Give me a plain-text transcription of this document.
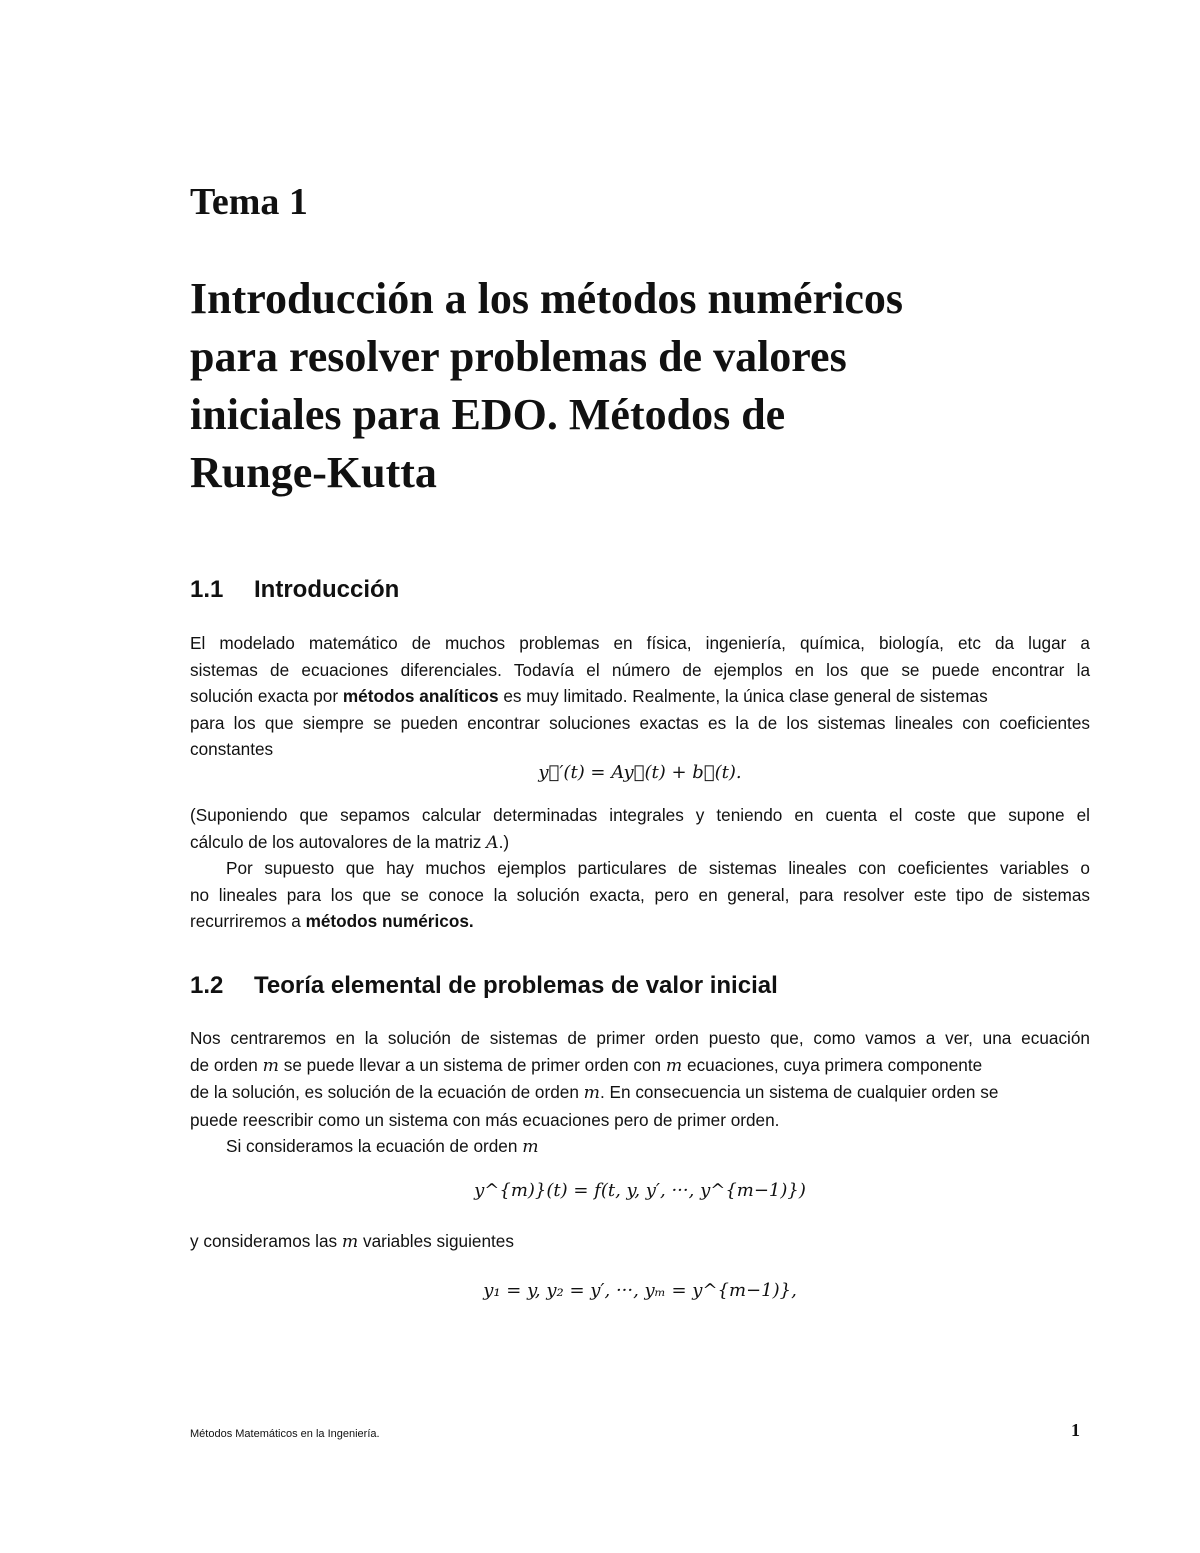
Tema 1
Introducción a los métodos numéricos
para resolver problemas de valores
iniciales para EDO. Métodos de
Runge-Kutta
1.1 Introducción
El modelado matemático de muchos problemas en física, ingeniería, química, biología, etc da lugar a
sistemas de ecuaciones diferenciales. Todavía el número de ejemplos en los que se puede encontrar la
solución exacta por métodos analíticos es muy limitado. Realmente, la única clase general de sistemas
para los que siempre se pueden encontrar soluciones exactas es la de los sistemas lineales con coeficientes
constantes
y⃗′(t) = Ay⃗(t) + b⃗(t).
(Suponiendo que sepamos calcular determinadas integrales y teniendo en cuenta el coste que supone el
cálculo de los autovalores de la matriz A.)
Por supuesto que hay muchos ejemplos particulares de sistemas lineales con coeficientes variables o
no lineales para los que se conoce la solución exacta, pero en general, para resolver este tipo de sistemas
recurriremos a métodos numéricos.
1.2 Teoría elemental de problemas de valor inicial
Nos centraremos en la solución de sistemas de primer orden puesto que, como vamos a ver, una ecuación
de orden m se puede llevar a un sistema de primer orden con m ecuaciones, cuya primera componente
de la solución, es solución de la ecuación de orden m. En consecuencia un sistema de cualquier orden se
puede reescribir como un sistema con más ecuaciones pero de primer orden.
Si consideramos la ecuación de orden m
y^{m)}(t) = f(t, y, y′, ···, y^{m−1)})
y consideramos las m variables siguientes
y₁ = y, y₂ = y′, ···, yₘ = y^{m−1)},
Métodos Matemáticos en la Ingeniería.	1
